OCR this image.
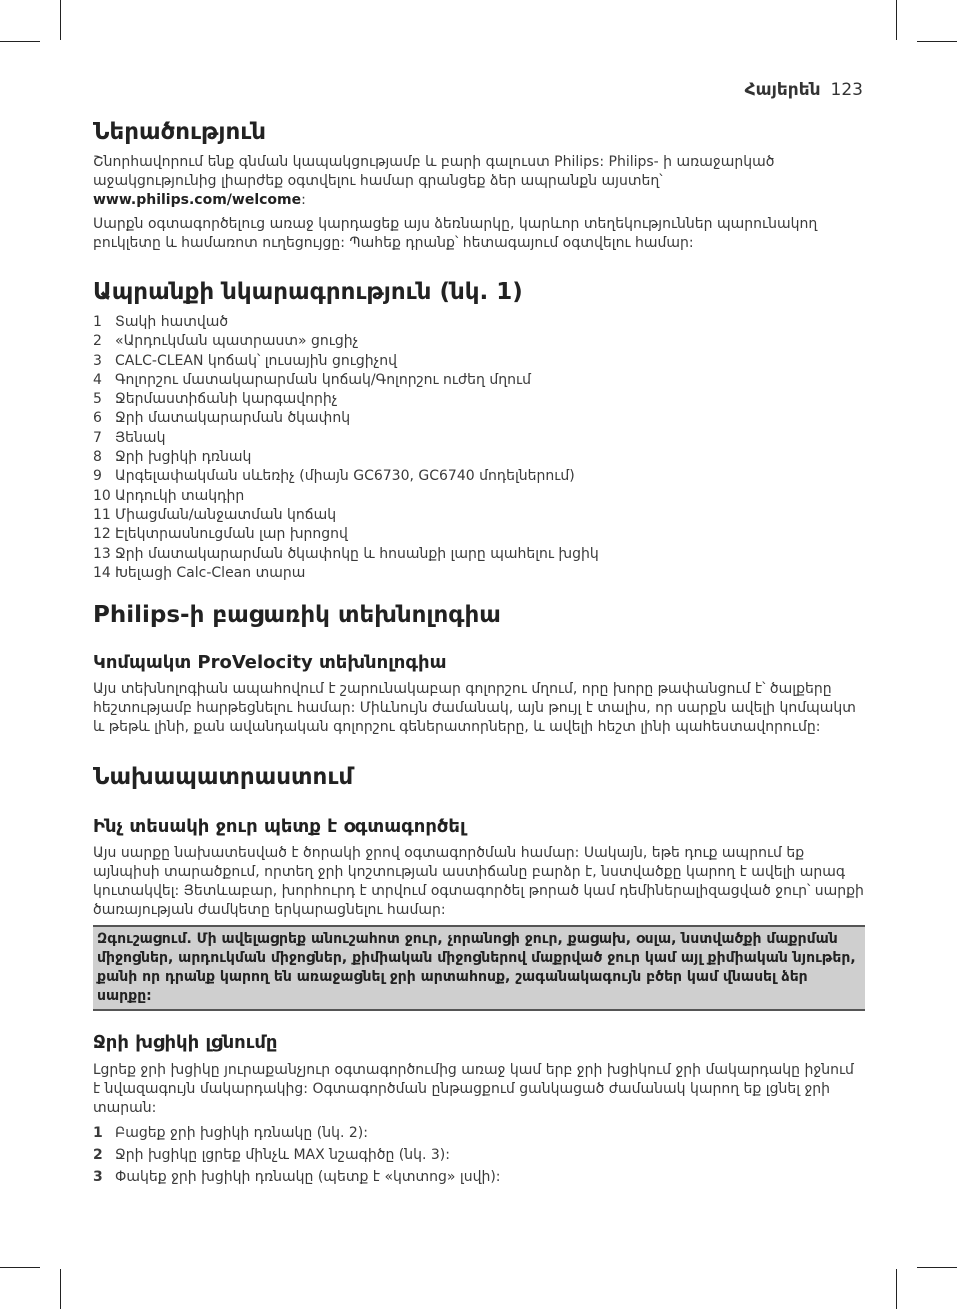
Հայերեն 123
Ներածություն

Շնորհավորում ենք գնման կապակցությամբ և բարի գալուստ Philips: Philips- ի առաջարկած աջակցությունից լիարժեք օգտվելու համար գրանցեք ձեր ապրանքն այստեղ՝
www.philips.com/welcome:

Սարքն օգտագործելուց առաջ կարդացեք այս ձեռնարկը, կարևոր տեղեկություններ պարունակող բուկլետը և համառոտ ուղեցույցը: Պահեք դրանք՝ հետագայում օգտվելու համար:

Ապրանքի նկարագրություն (նկ. 1)
1 Տակի հատված
2 «Արդուկման պատրաստ» ցուցիչ
3 CALC-CLEAN կոճակ՝ լուսային ցուցիչով
4 Գոլորշու մատակարարման կոճակ/Գոլորշու ուժեղ մղում
5 Ջերմաստիճանի կարգավորիչ
6 Ջրի մատակարարման ծկափոկ
7 Յենակ
8 Ջրի խցիկի դռնակ
9 Արգելափակման սևեռիչ (միայն GC6730, GC6740 մոդելներում)
10 Արդուկի տակդիր
11 Միացման/անջատման կոճակ
12 Էլեկտրասնուցման լար խրոցով
13 Ջրի մատակարարման ծկափոկը և հոսանքի լարը պահելու խցիկ
14 Խելացի Calc-Clean տարա
Philips-ի բացառիկ տեխնոլոգիա
Կոմպակտ ProVelocity տեխնոլոգիա

Այս տեխնոլոգիան ապահովում է շարունակաբար գոլորշու մղում, որը խորը թափանցում է՝ ծալքերը հեշտությամբ հարթեցնելու համար: Միևնույն ժամանակ, այն թույլ է տալիս, որ սարքն ավելի կոմպակտ և թեթև լինի, քան ավանդական գոլորշու գեներատորները, և ավելի հեշտ լինի պահեստավորումը:

Նախապատրաստում
Ինչ տեսակի ջուր պետք է օգտագործել

Այս սարքը նախատեսված է ծորակի ջրով օգտագործման համար: Սակայն, եթե դուք ապրում եք այնպիսի տարածքում, որտեղ ջրի կոշտության աստիճանը բարձր է, նստվածքը կարող է ավելի արագ կուտակվել: Յետևաբար, խորհուրդ է տրվում օգտագործել թորած կամ դեմիներալիզացված ջուր՝ սարքի ծառայության ժամկետը երկարացնելու համար:

Զգուշացում. Մի ավելացրեք անուշահոտ ջուր, չորանոցի ջուր, քացախ, օսլա, նստվածքի մաքրման միջոցներ, արդուկման միջոցներ, քիմիական միջոցներով մաքրված ջուր կամ այլ քիմիական նյութեր, քանի որ դրանք կարող են առաջացնել ջրի արտահոսք, շագանակագույն բծեր կամ վնասել ձեր սարքը:
Ջրի խցիկի լցնումը

Լցրեք ջրի խցիկը յուրաքանչյուր օգտագործումից առաջ կամ երբ ջրի խցիկում ջրի մակարդակը իջնում է նվազագույն մակարդակից: Օգտագործման ընթացքում ցանկացած ժամանակ կարող եք լցնել ջրի տարան:

1 Բացեք ջրի խցիկի դռնակը (նկ. 2):
2 Ջրի խցիկը լցրեք մինչև MAX նշագիծը (նկ. 3):
3 Փակեք ջրի խցիկի դռնակը (պետք է «կտտոց» լսվի):
